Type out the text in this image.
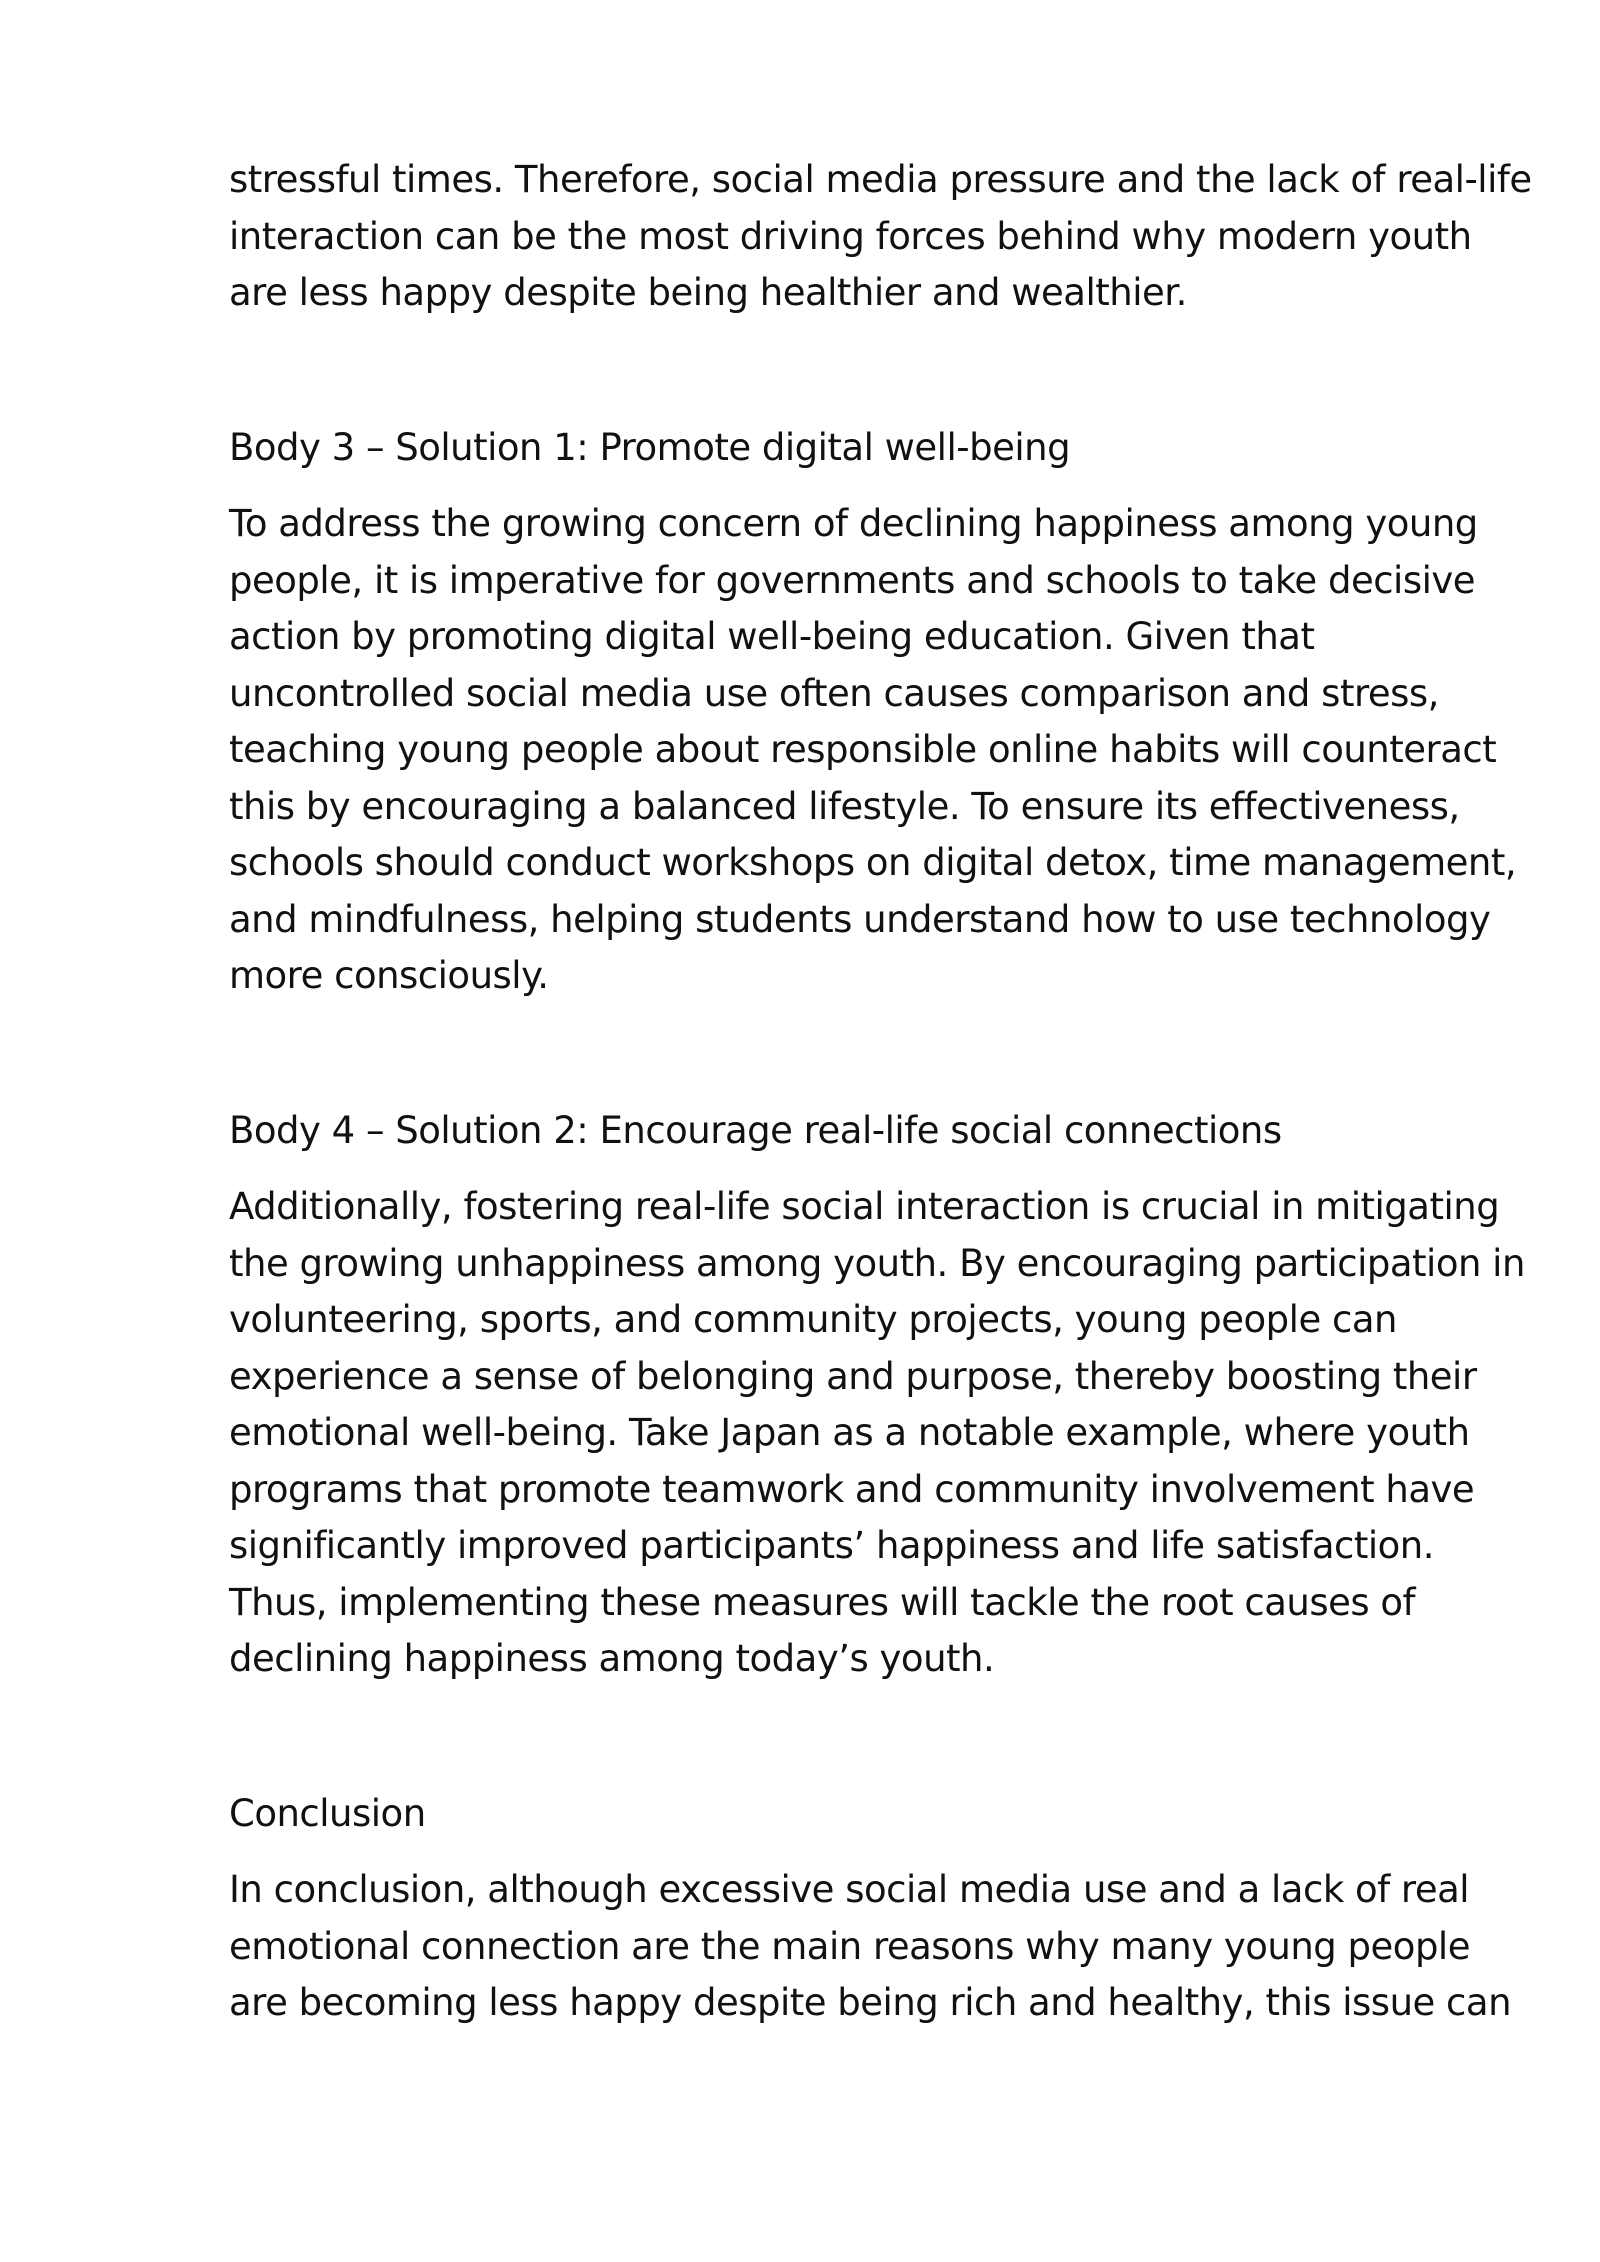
stressful times. Therefore, social media pressure and the lack of real-life
interaction can be the most driving forces behind why modern youth
are less happy despite being healthier and wealthier.

Body 3 – Solution 1: Promote digital well-being

To address the growing concern of declining happiness among young
people, it is imperative for governments and schools to take decisive
action by promoting digital well-being education. Given that
uncontrolled social media use often causes comparison and stress,
teaching young people about responsible online habits will counteract
this by encouraging a balanced lifestyle. To ensure its effectiveness,
schools should conduct workshops on digital detox, time management,
and mindfulness, helping students understand how to use technology
more consciously.

Body 4 – Solution 2: Encourage real-life social connections

Additionally, fostering real-life social interaction is crucial in mitigating
the growing unhappiness among youth. By encouraging participation in
volunteering, sports, and community projects, young people can
experience a sense of belonging and purpose, thereby boosting their
emotional well-being. Take Japan as a notable example, where youth
programs that promote teamwork and community involvement have
significantly improved participants’ happiness and life satisfaction.
Thus, implementing these measures will tackle the root causes of
declining happiness among today’s youth.

Conclusion

In conclusion, although excessive social media use and a lack of real
emotional connection are the main reasons why many young people
are becoming less happy despite being rich and healthy, this issue can
